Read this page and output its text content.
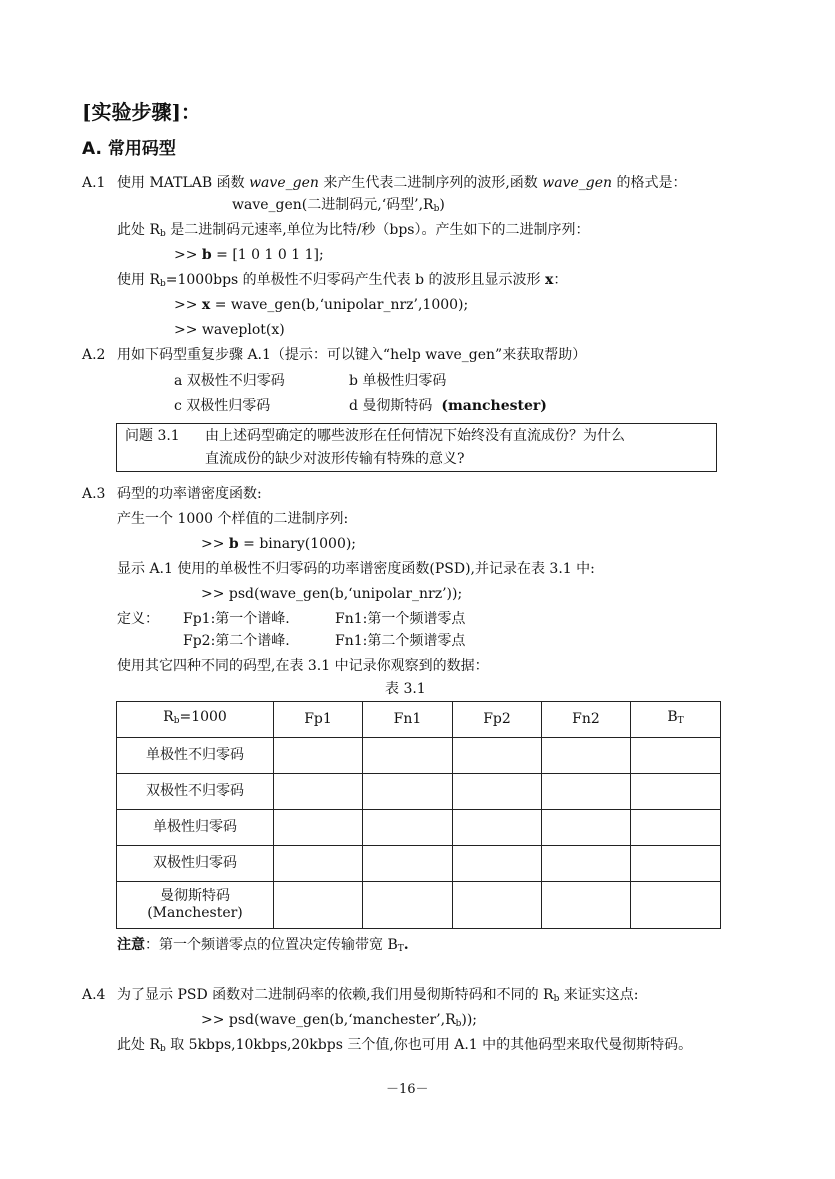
[实验步骤]：
A. 常用码型
A.1 使用 MATLAB 函数 wave_gen 来产生代表二进制序列的波形,函数 wave_gen 的格式是：
wave_gen(二进制码元,‘码型$’,R_b$)
此处 $R_b$ 是二进制码元速率,单位为比特/秒（bps）。产生如下的二进制序列：
>> b = [1 0 1 0 1 1];
使用 $R_b=1000bps$ 的单极性不归零码产生代表 b 的波形且显示波形 x：
>> x = wave_gen(b,‘unipolar_nrz’,1000);
>> waveplot(x)
A.2 用如下码型重复步骤 A.1（提示：可以键入“help wave_gen”来获取帮助）
a 双极性不归零码	b 单极性归零码
c 双极性归零码	d 曼彻斯特码 (manchester)
问题 3.1 由上述码型确定的哪些波形在任何情况下始终没有直流成份？为什么
直流成份的缺少对波形传输有特殊的意义?
A.3 码型的功率谱密度函数:
产生一个 1000 个样值的二进制序列:
>> b = binary(1000);
显示 A.1 使用的单极性不归零码的功率谱密度函数(PSD),并记录在表 3.1 中:
>> psd(wave_gen(b,‘unipolar_nrz’));
定义： Fp1:第一个谱峰.	Fn1:第一个频谱零点
Fp2:第二个谱峰.	Fn1:第二个频谱零点
使用其它四种不同的码型,在表 3.1 中记录你观察到的数据：
表 3.1
$R_b=1000$	Fp1	Fn1	Fp2	Fn2	$B_T$
单极性不归零码					
双极性不归零码					
单极性归零码					
双极性归零码					
曼彻斯特码
(Manchester)					
注意：第一个频谱零点的位置决定传输带宽 $B_T$.
A.4 为了显示 PSD 函数对二进制码率的依赖,我们用曼彻斯特码和不同的 $R_b$ 来证实这点:
>> $psd(wave\_gen(b,‘manchester’,R_b))$;
此处 $R_b$ 取 5kbps,10kbps,20kbps 三个值,你也可用 A.1 中的其他码型来取代曼彻斯特码。
－16－
